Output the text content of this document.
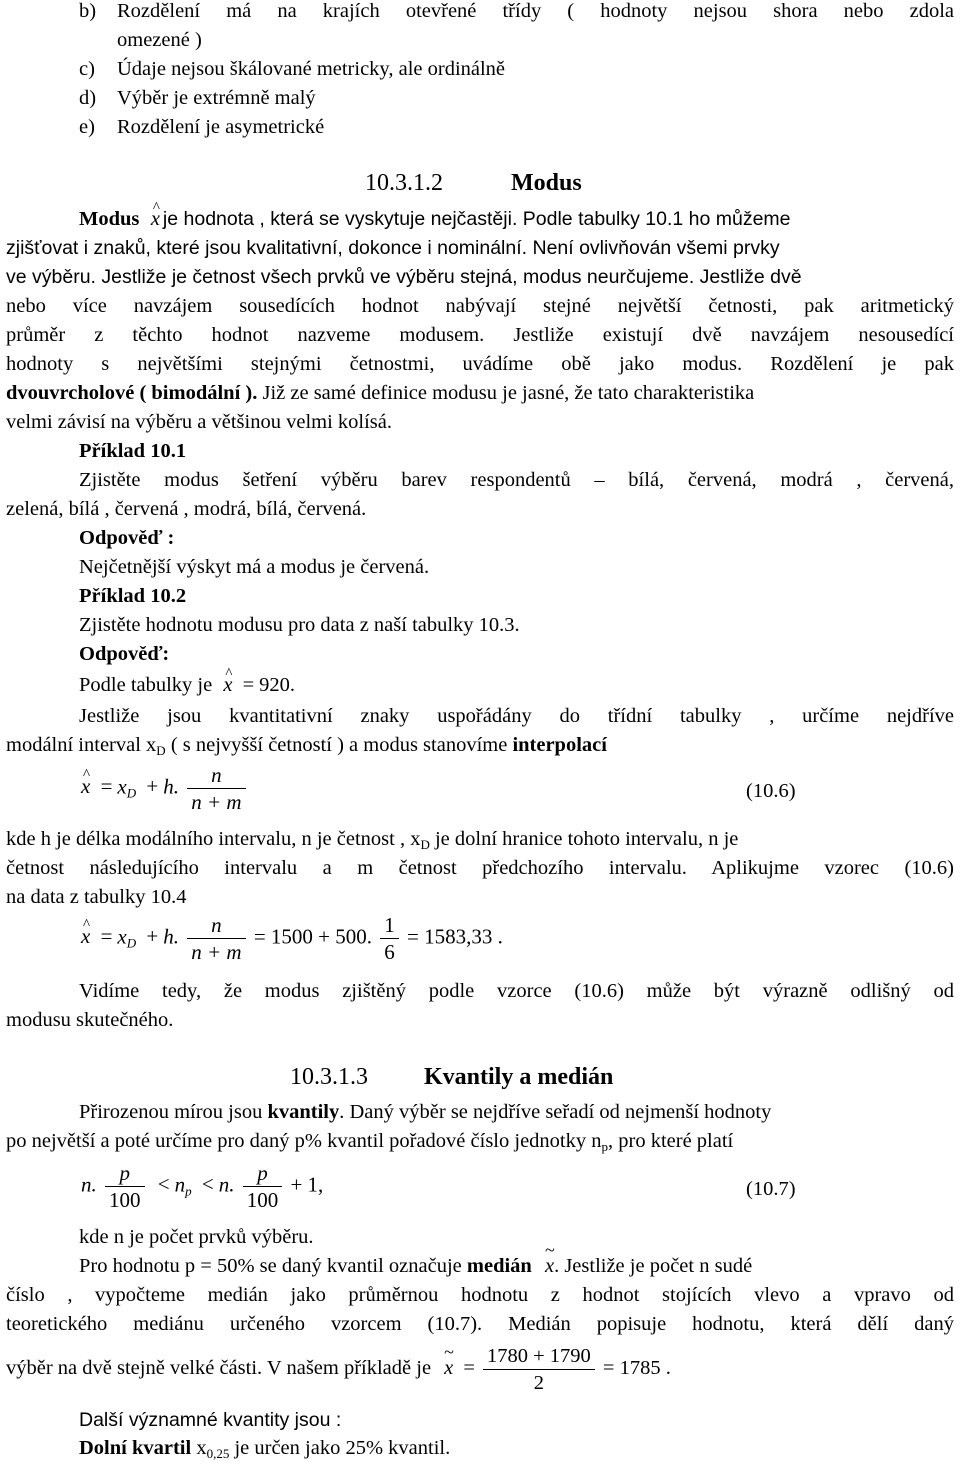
b) Rozdělení má na krajích otevřené třídy ( hodnoty nejsou shora nebo zdola
omezené )
c) Údaje nejsou škálované metricky, ale ordinálně
d) Výběr je extrémně malý
e) Rozdělení je asymetrické
10.3.1.2	Modus
Modus ^ x je hodnota , která se vyskytuje nejčastěji. Podle tabulky 10.1 ho můžeme
zjišťovat i znaků, které jsou kvalitativní, dokonce i nominální. Není ovlivňován všemi prvky
ve výběru. Jestliže je četnost všech prvků ve výběru stejná, modus neurčujeme. Jestliže dvě
nebo více navzájem sousedících hodnot nabývají stejné největší četnosti, pak aritmetický
průměr z těchto hodnot nazveme modusem. Jestliže existují dvě navzájem nesousedící
hodnoty s největšími stejnými četnostmi, uvádíme obě jako modus. Rozdělení je pak
dvouvrcholové ( bimodální ). Již ze samé definice modusu je jasné, že tato charakteristika
velmi závisí na výběru a většinou velmi kolísá.
Příklad 10.1
Zjistěte modus šetření výběru barev respondentů – bílá, červená, modrá , červená,
zelená, bílá , červená , modrá, bílá, červená.
Odpověď :
Nejčetnější výskyt má a modus je červená.
Příklad 10.2
Zjistěte hodnotu modusu pro data z naší tabulky 10.3.
Odpověď:
Podle tabulky je ^ x = 920.
Jestliže jsou kvantitativní znaky uspořádány do třídní tabulky , určíme nejdříve
modální interval $x_D$ ( s nejvyšší četností ) a modus stanovíme interpolací
^ $x = x_D + h$. $\frac{n}{n + m}$	(10.6)
kde h je délka modálního intervalu, n je četnost , $x_D$ je dolní hranice tohoto intervalu, n je
četnost následujícího intervalu a m četnost předchozího intervalu. Aplikujme vzorec (10.6)
na data z tabulky 10.4
^ $x = x_D + h$. $\frac{n}{n + m} = 1500 + 500$. $\frac{1}{6} = 1583,33$ .
Vidíme tedy, že modus zjištěný podle vzorce (10.6) může být výrazně odlišný od
modusu skutečného.
10.3.1.3 Kvantily a medián
Přirozenou mírou jsou kvantily. Daný výběr se nejdříve seřadí od nejmenší hodnoty
po největší a poté určíme pro daný p% kvantil pořadové číslo jednotky $n_p$, pro které platí
n. $\frac{p}{100} < n_p < n$. $\frac{p}{100} + 1$,	(10.7)
kde n je počet prvků výběru.
Pro hodnotu p = 50% se daný kvantil označuje medián ~ x. Jestliže je počet n sudé
číslo , vypočteme medián jako průměrnou hodnotu z hodnot stojících vlevo a vpravo od
teoretického mediánu určeného vzorcem (10.7). Medián popisuje hodnotu, která dělí daný
výběr na dvě stejně velké části. V našem příkladě je ~ $x = \frac{1780 + 1790}{2} = 1785$ .
Další významné kvantity jsou :
Dolní kvartil $x_{0,25}$ je určen jako 25% kvantil.
